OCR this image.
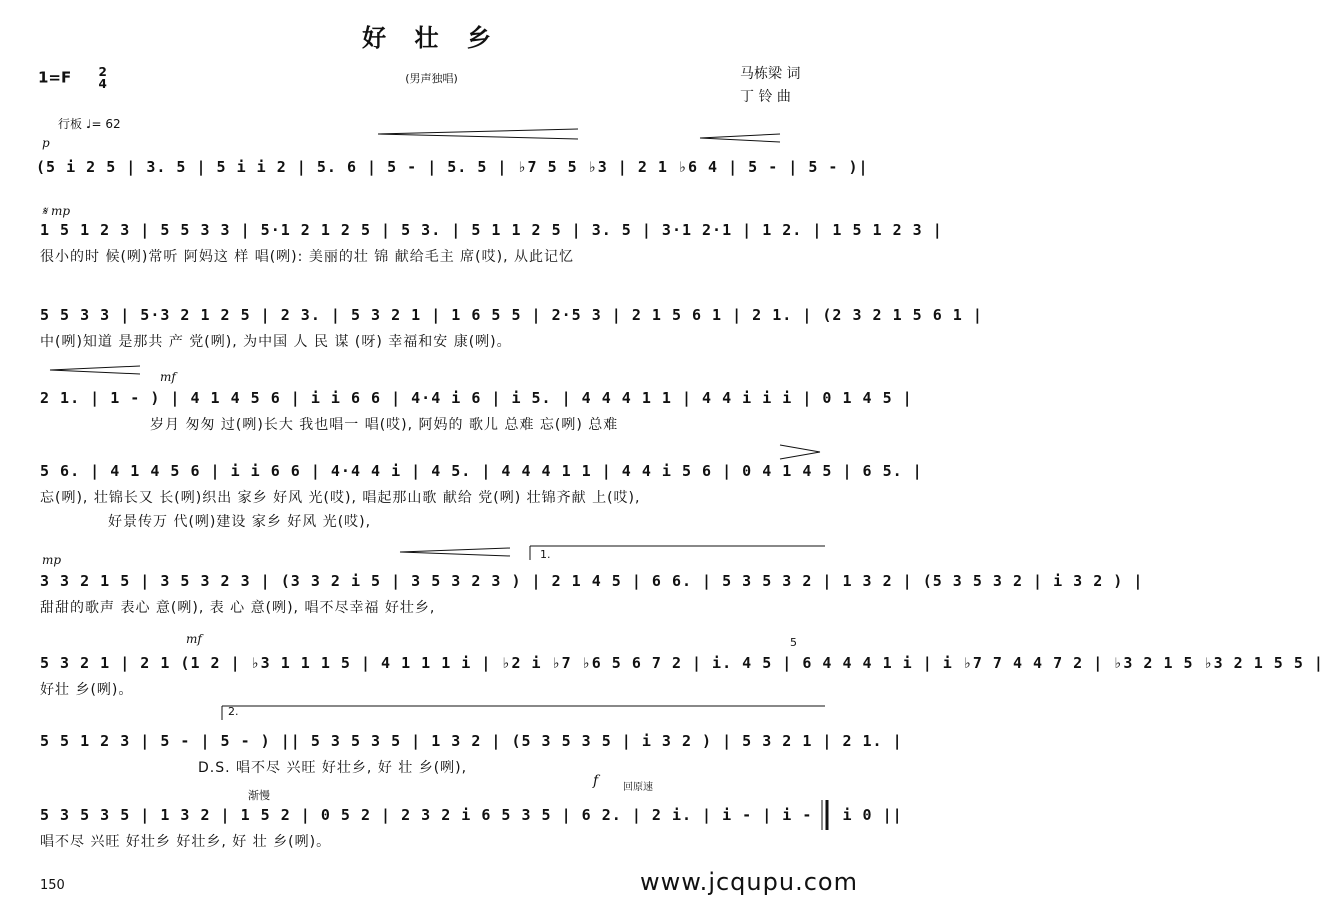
好 壮 乡
1=F 2
4	(男声独唱)	马栋梁 词
丁 铃 曲
行板 ♩= 62
p
(5 i 2 5 | 3. 5 | 5 i i 2 | 5. 6 | 5 - | 5. 5 | ♭7 5 5 ♭3 | 2 1 ♭6 4 | 5 - | 5 - )|
𝄋 mp
1 5 1 2 3 | 5 5 3 3 | 5·1 2 1 2 5 | 5 3. | 5 1 1 2 5 | 3. 5 | 3·1 2·1 | 1 2. | 1 5 1 2 3 |
很小的时 候(咧)常听 阿妈这 样 唱(咧): 美丽的壮 锦 献给毛主 席(哎), 从此记忆
5 5 3 3 | 5·3 2 1 2 5 | 2 3. | 5 3 2 1 | 1 6 5 5 | 2·5 3 | 2 1 5 6 1 | 2 1. | (2 3 2 1 5 6 1 |
中(咧)知道 是那共 产 党(咧), 为中国 人 民 谋 (呀) 幸福和安 康(咧)。
mf
2 1. | 1 - ) | 4 1 4 5 6 | i i 6 6 | 4·4 i 6 | i 5. | 4 4 4 1 1 | 4 4 i i i | 0 1 4 5 |
岁月 匆匆 过(咧)长大 我也唱一 唱(哎), 阿妈的 歌儿 总难 忘(咧) 总难
5 6. | 4 1 4 5 6 | i i 6 6 | 4·4 4 i | 4 5. | 4 4 4 1 1 | 4 4 i 5 6 | 0 4 1 4 5 | 6 5. |
忘(咧), 壮锦长又 长(咧)织出 家乡 好风 光(哎), 唱起那山歌 献给 党(咧) 壮锦齐献 上(哎),
好景传万 代(咧)建设 家乡 好风 光(哎),
mp
3 3 2 1 5 | 3 5 3 2 3 | (3 3 2 i 5 | 3 5 3 2 3 ) | 2 1 4 5 | 6 6. | 5 3 5 3 2 | 1 3 2 | (5 3 5 3 2 | i 3 2 ) |
甜甜的歌声 表心 意(咧), 表 心 意(咧), 唱不尽幸福 好壮乡,
1.
mf
5 3 2 1 | 2 1 (1 2 | ♭3 1 1 1 5 | 4 1 1 1 i | ♭2 i ♭7 ♭6 5 6 7 2 | i. 4 5 | 6 4 4 4 1 i | i ♭7 7 4 4 7 2 | ♭3 2 1 5 ♭3 2 1 5 5 |
好壮 乡(咧)。
5
2.
5 5 1 2 3 | 5 - | 5 - ) || 5 3 5 3 5 | 1 3 2 | (5 3 5 3 5 | i 3 2 ) | 5 3 2 1 | 2 1. |
D.S. 唱不尽 兴旺 好壮乡, 好 壮 乡(咧),
f 回原速
渐慢
5 3 5 3 5 | 1 3 2 | 1 5 2 | 0 5 2 | 2 3 2 i 6 5 3 5 | 6 2. | 2 i. | i - | i - | i 0 ||
唱不尽 兴旺 好壮乡 好壮乡, 好 壮 乡(咧)。
150	www.jcqupu.com
